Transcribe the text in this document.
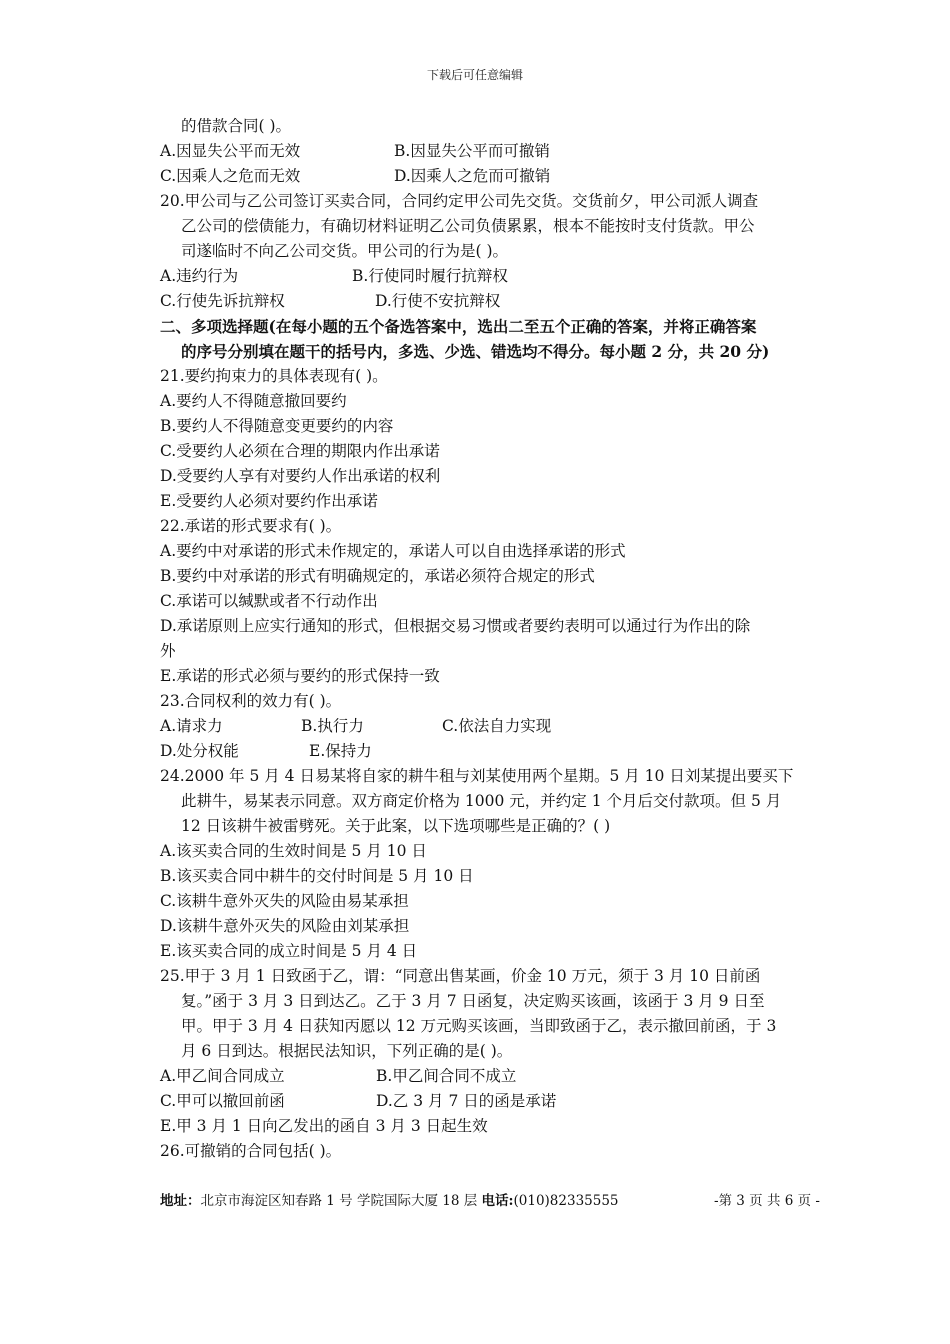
下载后可任意编辑
的借款合同( )。
A.因显失公平而无效	B.因显失公平而可撤销
C.因乘人之危而无效	D.因乘人之危而可撤销
20.甲公司与乙公司签订买卖合同，合同约定甲公司先交货。交货前夕，甲公司派人调查
乙公司的偿债能力，有确切材料证明乙公司负债累累，根本不能按时支付货款。甲公
司遂临时不向乙公司交货。甲公司的行为是( )。
A.违约行为	B.行使同时履行抗辩权
C.行使先诉抗辩权	D.行使不安抗辩权
二、多项选择题(在每小题的五个备选答案中，选出二至五个正确的答案，并将正确答案
的序号分别填在题干的括号内，多选、少选、错选均不得分。每小题 2 分，共 20 分)
21.要约拘束力的具体表现有( )。
A.要约人不得随意撤回要约
B.要约人不得随意变更要约的内容
C.受要约人必须在合理的期限内作出承诺
D.受要约人享有对要约人作出承诺的权利
E.受要约人必须对要约作出承诺
22.承诺的形式要求有( )。
A.要约中对承诺的形式未作规定的，承诺人可以自由选择承诺的形式
B.要约中对承诺的形式有明确规定的，承诺必须符合规定的形式
C.承诺可以缄默或者不行动作出
D.承诺原则上应实行通知的形式，但根据交易习惯或者要约表明可以通过行为作出的除
外
E.承诺的形式必须与要约的形式保持一致
23.合同权利的效力有( )。
A.请求力	B.执行力	C.依法自力实现
D.处分权能	E.保持力
24.2000 年 5 月 4 日易某将自家的耕牛租与刘某使用两个星期。5 月 10 日刘某提出要买下
此耕牛，易某表示同意。双方商定价格为 1000 元，并约定 1 个月后交付款项。但 5 月
12 日该耕牛被雷劈死。关于此案，以下选项哪些是正确的？( )
A.该买卖合同的生效时间是 5 月 10 日
B.该买卖合同中耕牛的交付时间是 5 月 10 日
C.该耕牛意外灭失的风险由易某承担
D.该耕牛意外灭失的风险由刘某承担
E.该买卖合同的成立时间是 5 月 4 日
25.甲于 3 月 1 日致函于乙，谓：“同意出售某画，价金 10 万元，须于 3 月 10 日前函
复。”函于 3 月 3 日到达乙。乙于 3 月 7 日函复，决定购买该画，该函于 3 月 9 日至
甲。甲于 3 月 4 日获知丙愿以 12 万元购买该画，当即致函于乙，表示撤回前函，于 3
月 6 日到达。根据民法知识，下列正确的是( )。
A.甲乙间合同成立	B.甲乙间合同不成立
C.甲可以撤回前函	D.乙 3 月 7 日的函是承诺
E.甲 3 月 1 日向乙发出的函自 3 月 3 日起生效
26.可撤销的合同包括( )。
地址：北京市海淀区知春路 1 号 学院国际大厦 18 层 电话:(010)82335555	-第 3 页 共 6 页 -
